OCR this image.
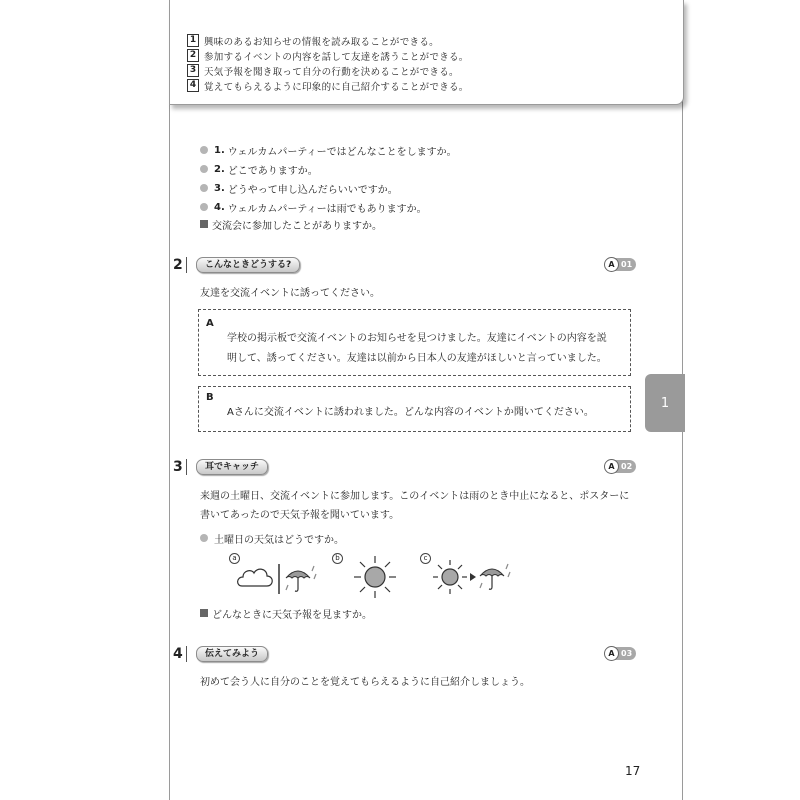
1 興味のあるお知らせの情報を読み取ることができる。
2 参加するイベントの内容を話して友達を誘うことができる。
3 天気予報を聞き取って自分の行動を決めることができる。
4 覚えてもらえるように印象的に自己紹介することができる。
1. ウェルカムパーティーではどんなことをしますか。
2. どこでありますか。
3. どうやって申し込んだらいいですか。
4. ウェルカムパーティーは雨でもありますか。
交流会に参加したことがありますか。
2	こんなときどうする?	A 01
友達を交流イベントに誘ってください。
A
学校の掲示板で交流イベントのお知らせを見つけました。友達にイベントの内容を説
明して、誘ってください。友達は以前から日本人の友達がほしいと言っていました。
B
Aさんに交流イベントに誘われました。どんな内容のイベントか聞いてください。
1
3	耳でキャッチ	A 02
来週の土曜日、交流イベントに参加します。このイベントは雨のとき中止になると、ポスターに
書いてあったので天気予報を聞いています。
土曜日の天気はどうですか。
a	b	c
どんなときに天気予報を見ますか。
4	伝えてみよう	A 03
初めて会う人に自分のことを覚えてもらえるように自己紹介しましょう。
17
